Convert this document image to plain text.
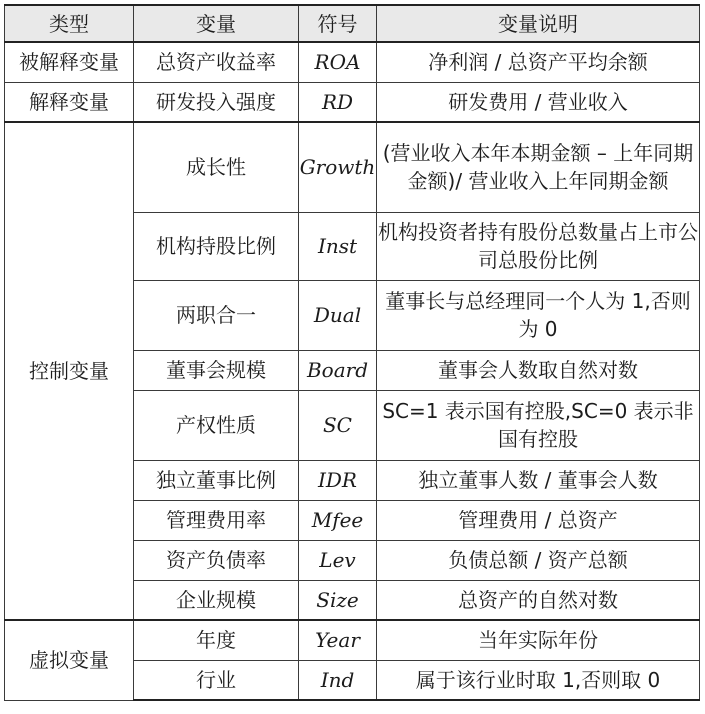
类型	变量	符号	变量说明
被解释变量	总资产收益率	ROA	净利润 / 总资产平均余额
解释变量	研发投入强度	RD	研发费用 / 营业收入
控制变量	成长性	Growth	(营业收入本年本期金额 – 上年同期金额)/ 营业收入上年同期金额
	机构持股比例	Inst	机构投资者持有股份总数量占上市公司总股份比例
	两职合一	Dual	董事长与总经理同一个人为 1,否则为 0
	董事会规模	Board	董事会人数取自然对数
	产权性质	SC	SC=1 表示国有控股,SC=0 表示非国有控股
	独立董事比例	IDR	独立董事人数 / 董事会人数
	管理费用率	Mfee	管理费用 / 总资产
	资产负债率	Lev	负债总额 / 资产总额
	企业规模	Size	总资产的自然对数
虚拟变量	年度	Year	当年实际年份
	行业	Ind	属于该行业时取 1,否则取 0
